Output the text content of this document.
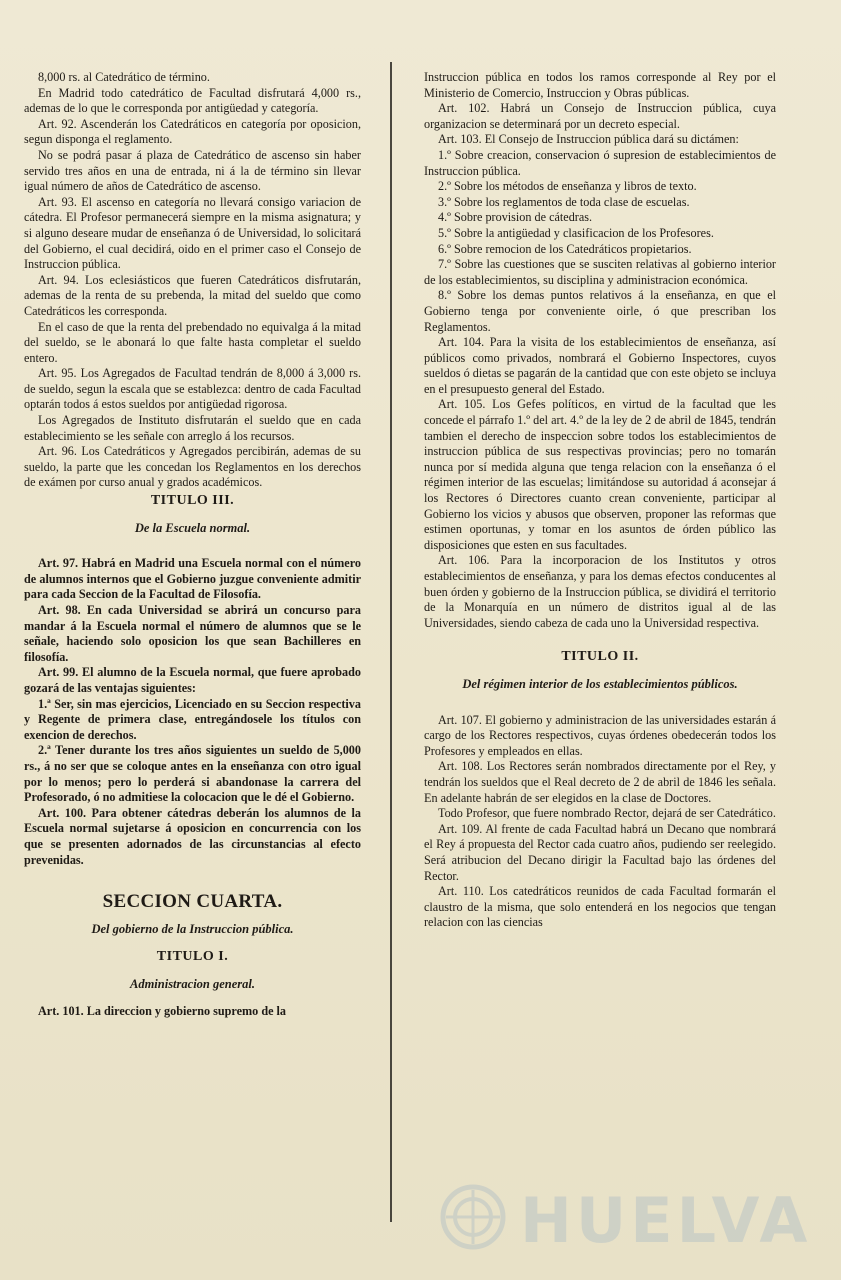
8,000 rs. al Catedrático de término.

En Madrid todo catedrático de Facultad disfrutará 4,000 rs., ademas de lo que le corresponda por antigüedad y categoría.

Art. 92. Ascenderán los Catedráticos en categoría por oposicion, segun disponga el reglamento.

No se podrá pasar á plaza de Catedrático de ascenso sin haber servido tres años en una de entrada, ni á la de término sin llevar igual número de años de Catedrático de ascenso.

Art. 93. El ascenso en categoría no llevará consigo variacion de cátedra. El Profesor permanecerá siempre en la misma asignatura; y si alguno deseare mudar de enseñanza ó de Universidad, lo solicitará del Gobierno, el cual decidirá, oido en el primer caso el Consejo de Instruccion pública.

Art. 94. Los eclesiásticos que fueren Catedráticos disfrutarán, ademas de la renta de su prebenda, la mitad del sueldo que como Catedráticos les corresponda.

En el caso de que la renta del prebendado no equivalga á la mitad del sueldo, se le abonará lo que falte hasta completar el sueldo entero.

Art. 95. Los Agregados de Facultad tendrán de 8,000 á 3,000 rs. de sueldo, segun la escala que se establezca: dentro de cada Facultad optarán todos á estos sueldos por antigüedad rigorosa.

Los Agregados de Instituto disfrutarán el sueldo que en cada establecimiento se les señale con arreglo á los recursos.

Art. 96. Los Catedráticos y Agregados percibirán, ademas de su sueldo, la parte que les concedan los Reglamentos en los derechos de exámen por curso anual y grados académicos.

TITULO III.
De la Escuela normal.

Art. 97. Habrá en Madrid una Escuela normal con el número de alumnos internos que el Gobierno juzgue conveniente admitir para cada Seccion de la Facultad de Filosofía.

Art. 98. En cada Universidad se abrirá un concurso para mandar á la Escuela normal el número de alumnos que se le señale, haciendo solo oposicion los que sean Bachilleres en filosofía.

Art. 99. El alumno de la Escuela normal, que fuere aprobado gozará de las ventajas siguientes:

1.ª Ser, sin mas ejercicios, Licenciado en su Seccion respectiva y Regente de primera clase, entregándosele los títulos con exencion de derechos.

2.ª Tener durante los tres años siguientes un sueldo de 5,000 rs., á no ser que se coloque antes en la enseñanza con otro igual por lo menos; pero lo perderá si abandonase la carrera del Profesorado, ó no admitiese la colocacion que le dé el Gobierno.

Art. 100. Para obtener cátedras deberán los alumnos de la Escuela normal sujetarse á oposicion en concurrencia con los que se presenten adornados de las circunstancias al efecto prevenidas.

SECCION CUARTA.
Del gobierno de la Instruccion pública.
TITULO I.
Administracion general.

Art. 101. La direccion y gobierno supremo de la

Instruccion pública en todos los ramos corresponde al Rey por el Ministerio de Comercio, Instruccion y Obras públicas.

Art. 102. Habrá un Consejo de Instruccion pública, cuya organizacion se determinará por un decreto especial.

Art. 103. El Consejo de Instruccion pública dará su dictámen:

1.º Sobre creacion, conservacion ó supresion de establecimientos de Instruccion pública.

2.º Sobre los métodos de enseñanza y libros de texto.

3.º Sobre los reglamentos de toda clase de escuelas.

4.º Sobre provision de cátedras.

5.º Sobre la antigüedad y clasificacion de los Profesores.

6.º Sobre remocion de los Catedráticos propietarios.

7.º Sobre las cuestiones que se susciten relativas al gobierno interior de los establecimientos, su disciplina y administracion económica.

8.º Sobre los demas puntos relativos á la enseñanza, en que el Gobierno tenga por conveniente oirle, ó que prescriban los Reglamentos.

Art. 104. Para la visita de los establecimientos de enseñanza, así públicos como privados, nombrará el Gobierno Inspectores, cuyos sueldos ó dietas se pagarán de la cantidad que con este objeto se incluya en el presupuesto general del Estado.

Art. 105. Los Gefes políticos, en virtud de la facultad que les concede el párrafo 1.º del art. 4.º de la ley de 2 de abril de 1845, tendrán tambien el derecho de inspeccion sobre todos los establecimientos de instruccion pública de sus respectivas provincias; pero no tomarán nunca por sí medida alguna que tenga relacion con la enseñanza ó el régimen interior de las escuelas; limitándose su autoridad á aconsejar á los Rectores ó Directores cuanto crean conveniente, participar al Gobierno los vicios y abusos que observen, proponer las reformas que estimen oportunas, y tomar en los asuntos de órden público las disposiciones que esten en sus facultades.

Art. 106. Para la incorporacion de los Institutos y otros establecimientos de enseñanza, y para los demas efectos conducentes al buen órden y gobierno de la Instruccion pública, se dividirá el territorio de la Monarquía en un número de distritos igual al de las Universidades, siendo cabeza de cada uno la Universidad respectiva.

TITULO II.
Del régimen interior de los establecimientos públicos.

Art. 107. El gobierno y administracion de las universidades estarán á cargo de los Rectores respectivos, cuyas órdenes obedecerán todos los Profesores y empleados en ellas.

Art. 108. Los Rectores serán nombrados directamente por el Rey, y tendrán los sueldos que el Real decreto de 2 de abril de 1846 les señala. En adelante habrán de ser elegidos en la clase de Doctores.

Todo Profesor, que fuere nombrado Rector, dejará de ser Catedrático.

Art. 109. Al frente de cada Facultad habrá un Decano que nombrará el Rey á propuesta del Rector cada cuatro años, pudiendo ser reelegido. Será atribucion del Decano dirigir la Facultad bajo las órdenes del Rector.

Art. 110. Los catedráticos reunidos de cada Facultad formarán el claustro de la misma, que solo entenderá en los negocios que tengan relacion con las ciencias

HUELVA
